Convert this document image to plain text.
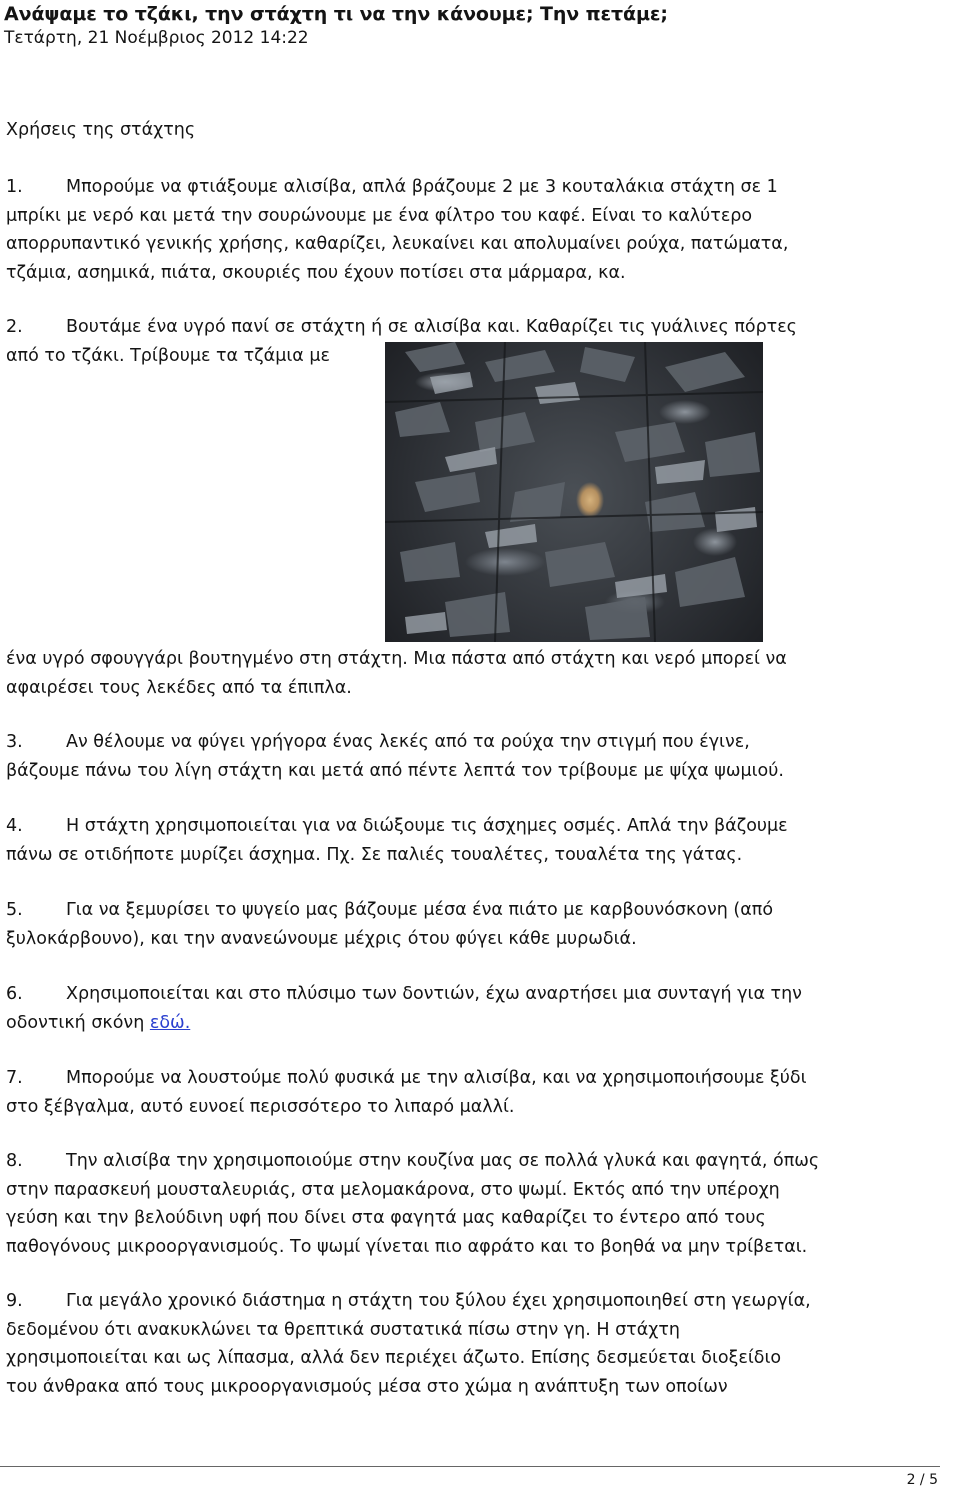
Ανάψαμε το τζάκι, την στάχτη τι να την κάνουμε; Την πετάμε;

Τετάρτη, 21 Νοέμβριος 2012 14:22

Χρήσεις της στάχτης

1. Μπορούμε να φτιάξουμε αλισίβα, απλά βράζουμε 2 με 3 κουταλάκια στάχτη σε 1
μπρίκι με νερό και μετά την σουρώνουμε με ένα φίλτρο του καφέ. Είναι το καλύτερο
απορρυπαντικό γενικής χρήσης, καθαρίζει, λευκαίνει και απολυμαίνει ρούχα, πατώματα,
τζάμια, ασημικά, πιάτα, σκουριές που έχουν ποτίσει στα μάρμαρα, κα.

2. Βουτάμε ένα υγρό πανί σε στάχτη ή σε αλισίβα και. Καθαρίζει τις γυάλινες πόρτες
από το τζάκι. Τρίβουμε τα τζάμια με

ένα υγρό σφουγγάρι βουτηγμένο στη στάχτη. Μια πάστα από στάχτη και νερό μπορεί να
αφαιρέσει τους λεκέδες από τα έπιπλα.

3. Αν θέλουμε να φύγει γρήγορα ένας λεκές από τα ρούχα την στιγμή που έγινε,
βάζουμε πάνω του λίγη στάχτη και μετά από πέντε λεπτά τον τρίβουμε με ψίχα ψωμιού.

4. Η στάχτη χρησιμοποιείται για να διώξουμε τις άσχημες οσμές. Απλά την βάζουμε
πάνω σε οτιδήποτε μυρίζει άσχημα. Πχ. Σε παλιές τουαλέτες, τουαλέτα της γάτας.

5. Για να ξεμυρίσει το ψυγείο μας βάζουμε μέσα ένα πιάτο με καρβουνόσκονη (από
ξυλοκάρβουνο), και την ανανεώνουμε μέχρις ότου φύγει κάθε μυρωδιά.

6. Χρησιμοποιείται και στο πλύσιμο των δοντιών, έχω αναρτήσει μια συνταγή για την
οδοντική σκόνη εδώ.

7. Μπορούμε να λουστούμε πολύ φυσικά με την αλισίβα, και να χρησιμοποιήσουμε ξύδι
στο ξέβγαλμα, αυτό ευνοεί περισσότερο το λιπαρό μαλλί.

8. Την αλισίβα την χρησιμοποιούμε στην κουζίνα μας σε πολλά γλυκά και φαγητά, όπως
στην παρασκευή μουσταλευριάς, στα μελομακάρονα, στο ψωμί. Εκτός από την υπέροχη
γεύση και την βελούδινη υφή που δίνει στα φαγητά μας καθαρίζει το έντερο από τους
παθογόνους μικροοργανισμούς. Το ψωμί γίνεται πιο αφράτο και το βοηθά να μην τρίβεται.

9. Για μεγάλο χρονικό διάστημα η στάχτη του ξύλου έχει χρησιμοποιηθεί στη γεωργία,
δεδομένου ότι ανακυκλώνει τα θρεπτικά συστατικά πίσω στην γη. Η στάχτη
χρησιμοποιείται και ως λίπασμα, αλλά δεν περιέχει άζωτο. Επίσης δεσμεύεται διοξείδιο
του άνθρακα από τους μικροοργανισμούς μέσα στο χώμα η ανάπτυξη των οποίων

2 / 5
